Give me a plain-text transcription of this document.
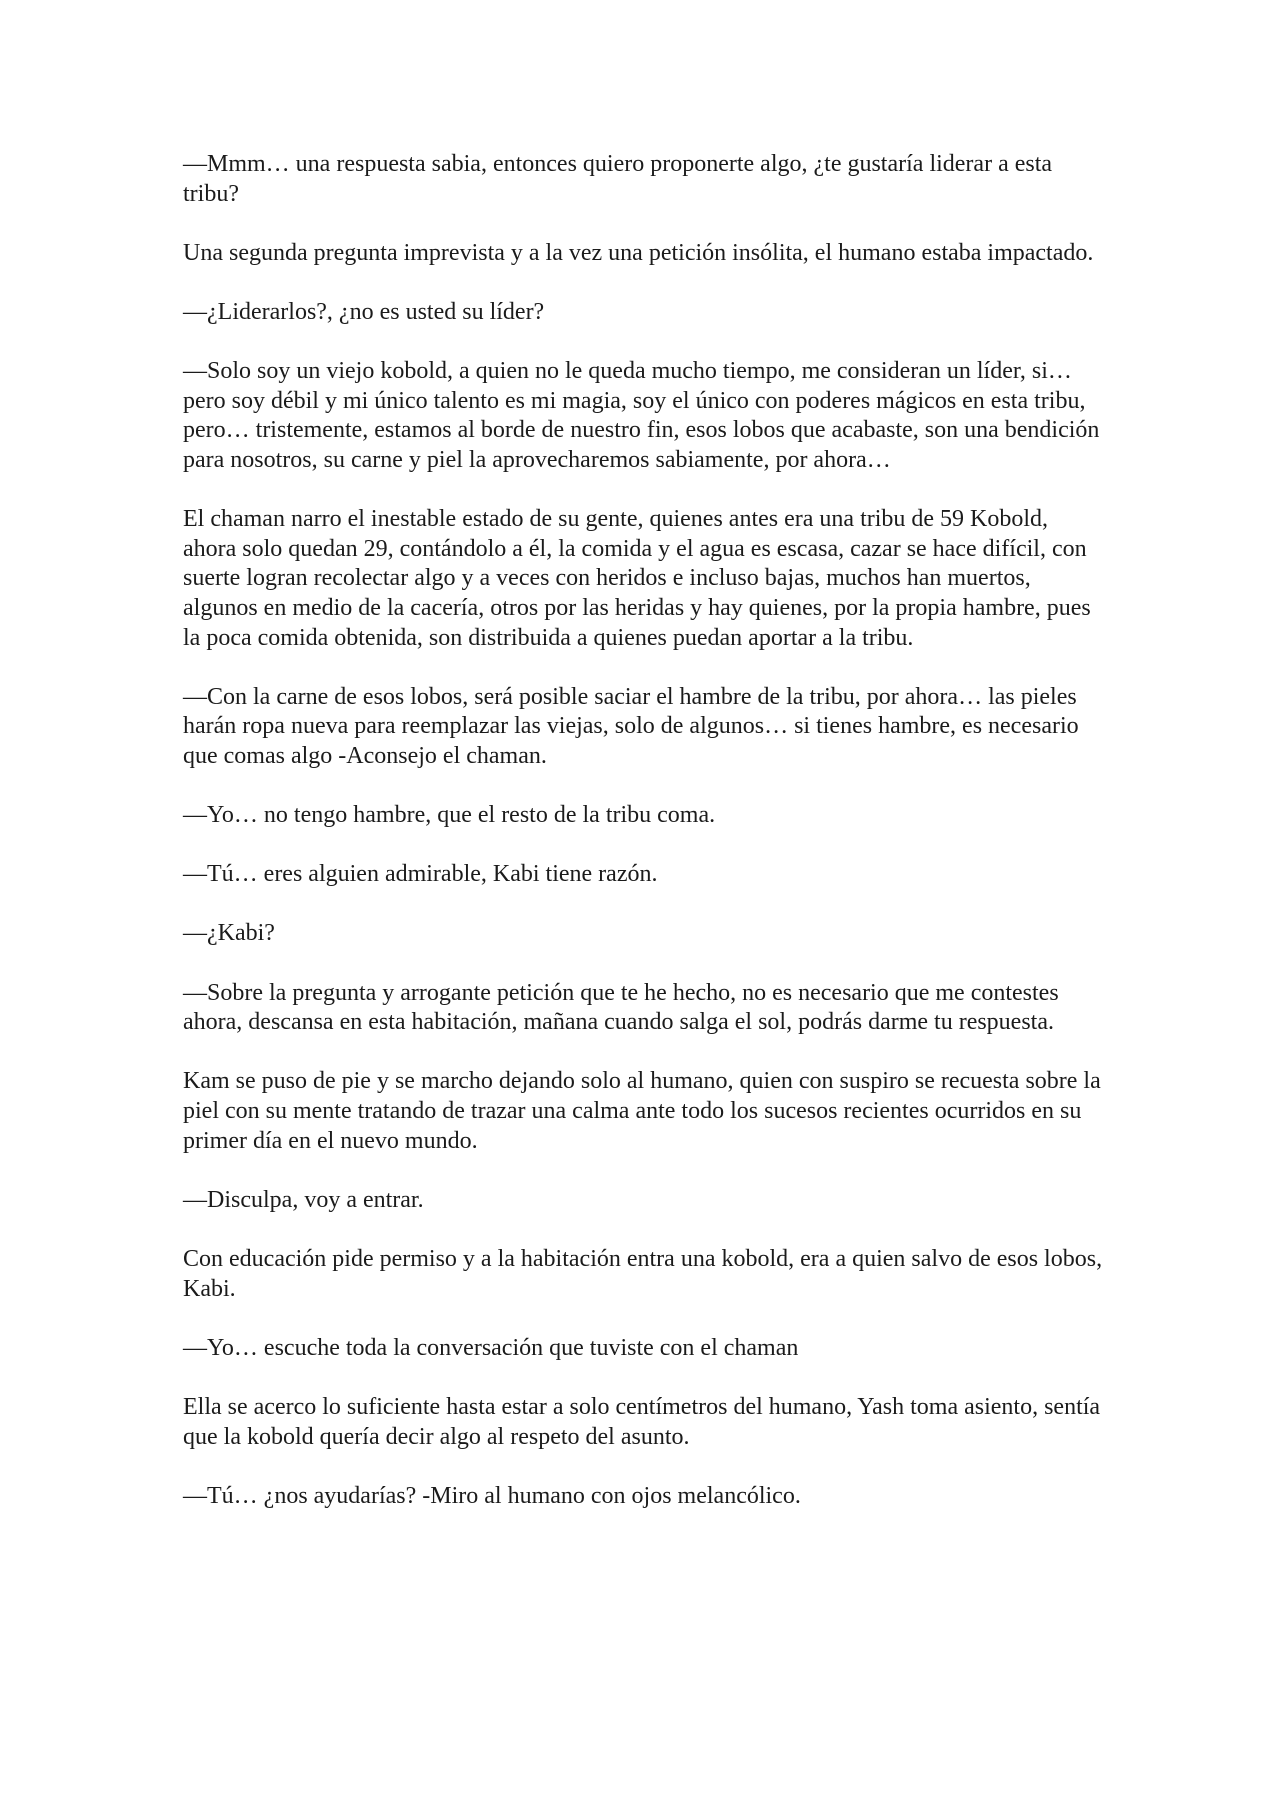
—Mmm… una respuesta sabia, entonces quiero proponerte algo, ¿te gustaría liderar a esta tribu?

Una segunda pregunta imprevista y a la vez una petición insólita, el humano estaba impactado.

—¿Liderarlos?, ¿no es usted su líder?

—Solo soy un viejo kobold, a quien no le queda mucho tiempo, me consideran un líder, si… pero soy débil y mi único talento es mi magia, soy el único con poderes mágicos en esta tribu, pero… tristemente, estamos al borde de nuestro fin, esos lobos que acabaste, son una bendición para nosotros, su carne y piel la aprovecharemos sabiamente, por ahora…

El chaman narro el inestable estado de su gente, quienes antes era una tribu de 59 Kobold, ahora solo quedan 29, contándolo a él, la comida y el agua es escasa, cazar se hace difícil, con suerte logran recolectar algo y a veces con heridos e incluso bajas, muchos han muertos, algunos en medio de la cacería, otros por las heridas y hay quienes, por la propia hambre, pues la poca comida obtenida, son distribuida a quienes puedan aportar a la tribu.

—Con la carne de esos lobos, será posible saciar el hambre de la tribu, por ahora… las pieles harán ropa nueva para reemplazar las viejas, solo de algunos… si tienes hambre, es necesario que comas algo -Aconsejo el chaman.

—Yo… no tengo hambre, que el resto de la tribu coma.

—Tú… eres alguien admirable, Kabi tiene razón.

—¿Kabi?

—Sobre la pregunta y arrogante petición que te he hecho, no es necesario que me contestes ahora, descansa en esta habitación, mañana cuando salga el sol, podrás darme tu respuesta.

Kam se puso de pie y se marcho dejando solo al humano, quien con suspiro se recuesta sobre la piel con su mente tratando de trazar una calma ante todo los sucesos recientes ocurridos en su primer día en el nuevo mundo.

—Disculpa, voy a entrar.

Con educación pide permiso y a la habitación entra una kobold, era a quien salvo de esos lobos, Kabi.

—Yo… escuche toda la conversación que tuviste con el chaman

Ella se acerco lo suficiente hasta estar a solo centímetros del humano, Yash toma asiento, sentía que la kobold quería decir algo al respeto del asunto.

—Tú… ¿nos ayudarías? -Miro al humano con ojos melancólico.
